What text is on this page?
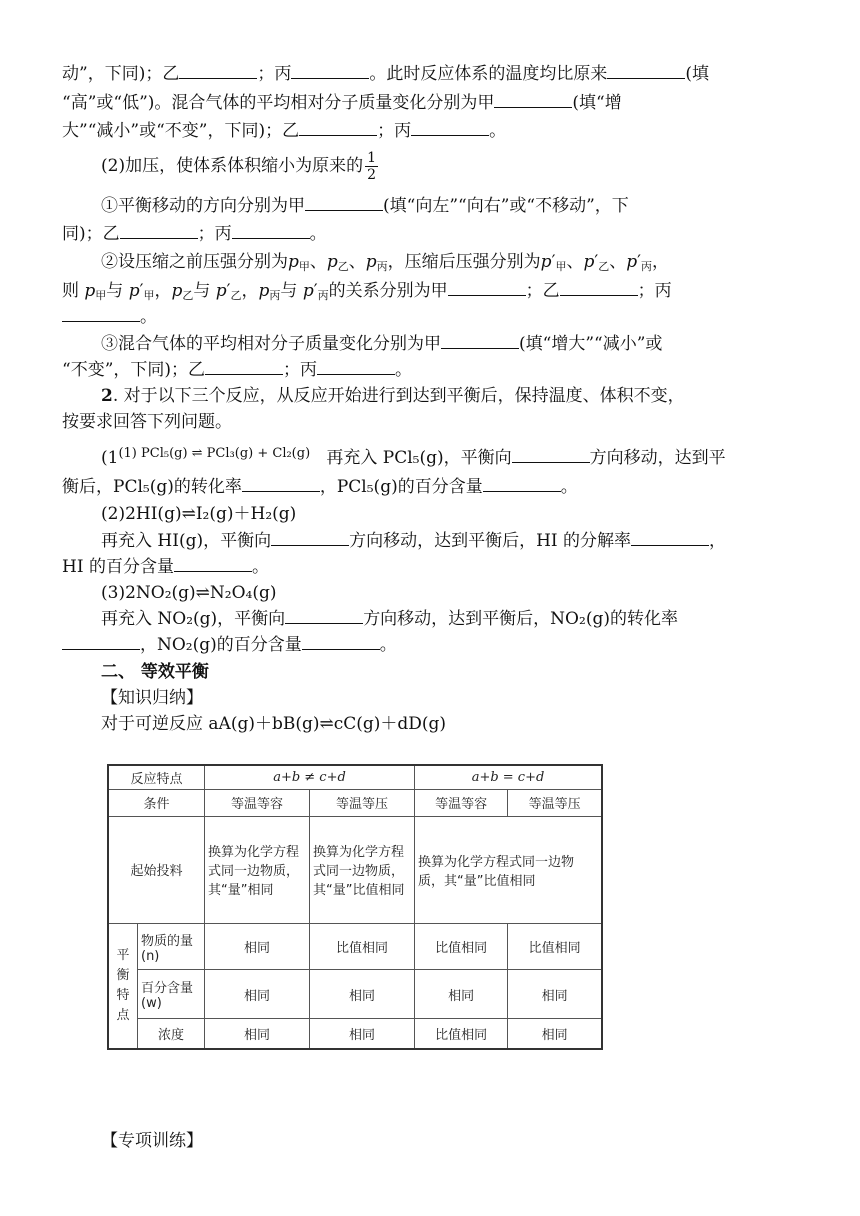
动”，下同)；乙	；丙	。此时反应体系的温度均比原来	(填
“高”或“低”)。混合气体的平均相对分子质量变化分别为甲	(填“增
大”“减小”或“不变”，下同)；乙	；丙	。
(2)加压，使体系体积缩小为原来的 $\frac{1}{2}$
①平衡移动的方向分别为甲	(填“向左”“向右”或“不移动”，下
同)；乙	；丙	。
②设压缩之前压强分别为$p_甲$、$p_乙$、$p_丙$，压缩后压强分别为$p'_甲$、$p'_乙$、$p'_丙$，
则 $p_甲$与 $p'_甲$，$p_乙$与 $p'_乙$，$p_丙$与 $p'_丙$的关系分别为甲	；乙	；丙
。
③混合气体的平均相对分子质量变化分别为甲	(填“增大”“减小”或
“不变”，下同)；乙	；丙	。
2. 对于以下三个反应，从反应开始进行到达到平衡后，保持温度、体积不变，
按要求回答下列问题。
($1^{(1) PCl_5(g) \rightleftharpoons PCl_3(g) + Cl_2(g)}$ 再充入 PCl₅(g)，平衡向	方向移动，达到平
衡后，PCl₅(g)的转化率	，PCl₅(g)的百分含量	。
(2)2HI(g)⇌I₂(g)＋H₂(g)
再充入 HI(g)，平衡向	方向移动，达到平衡后，HI 的分解率	，
HI 的百分含量	。
(3)2NO₂(g)⇌N₂O₄(g)
再充入 NO₂(g)，平衡向	方向移动，达到平衡后，NO₂(g)的转化率
，NO₂(g)的百分含量	。
二、 等效平衡
【知识归纳】
对于可逆反应 aA(g)＋bB(g)⇌cC(g)＋dD(g)
反应特点		a+b ≠ c+d		a+b = c+d	
条件		等温等容	等温等压	等温等容	等温等压
起始投料		换算为化学方程式同一边物质，其“量”相同	换算为化学方程式同一边物质，其“量”比值相同	换算为化学方程式同一边物质，其“量”比值相同	
平衡特点	物质的量(n)	相同	比值相同	比值相同	比值相同
	百分含量(w)	相同	相同	相同	相同
	浓度	相同	相同	比值相同	相同
【专项训练】
